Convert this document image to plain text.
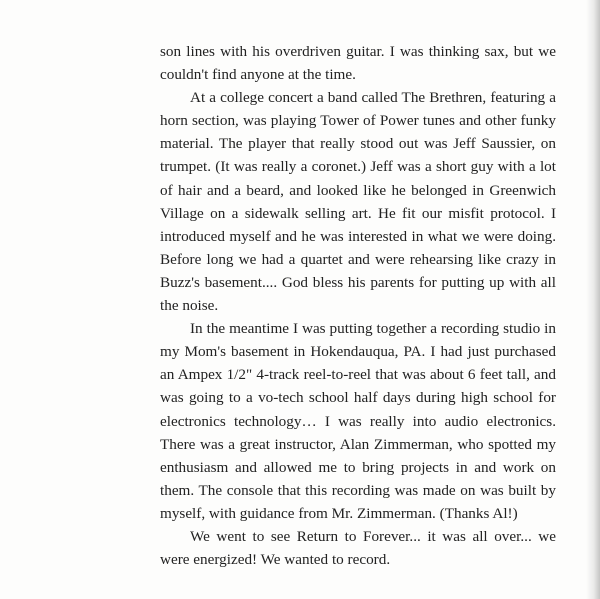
son lines with his overdriven guitar. I was thinking sax, but we couldn't find anyone at the time.

At a college concert a band called The Brethren, featuring a horn section, was playing Tower of Power tunes and other funky material. The player that really stood out was Jeff Saussier, on trumpet. (It was really a coronet.) Jeff was a short guy with a lot of hair and a beard, and looked like he belonged in Greenwich Village on a sidewalk selling art. He fit our misfit protocol. I introduced myself and he was interested in what we were doing. Before long we had a quartet and were rehearsing like crazy in Buzz's basement.... God bless his parents for putting up with all the noise.

In the meantime I was putting together a recording studio in my Mom's basement in Hokendauqua, PA. I had just purchased an Ampex 1/2" 4-track reel-to-reel that was about 6 feet tall, and was going to a vo-tech school half days during high school for electronics technology… I was really into audio electronics. There was a great instructor, Alan Zimmerman, who spotted my enthusiasm and allowed me to bring projects in and work on them. The console that this recording was made on was built by myself, with guidance from Mr. Zimmerman. (Thanks Al!)

We went to see Return to Forever... it was all over... we were energized! We wanted to record.
